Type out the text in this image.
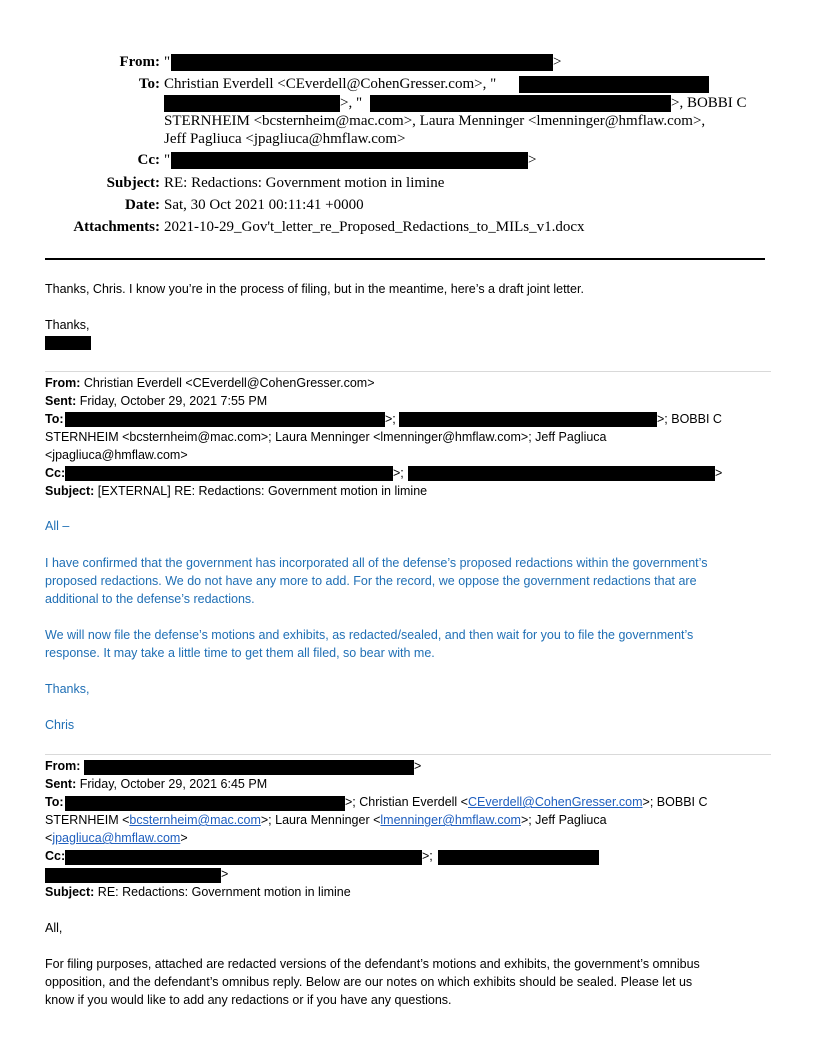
From: "	>
To: Christian Everdell <CEverdell@CohenGresser.com>, "
>, "	>, BOBBI C
STERNHEIM <bcsternheim@mac.com>, Laura Menninger <lmenninger@hmflaw.com>,
Jeff Pagliuca <jpagliuca@hmflaw.com>
Cc: "	>
Subject: RE: Redactions: Government motion in limine
Date: Sat, 30 Oct 2021 00:11:41 +0000
Attachments: 2021-10-29_Gov't_letter_re_Proposed_Redactions_to_MILs_v1.docx
Thanks, Chris. I know you’re in the process of filing, but in the meantime, here’s a draft joint letter.
Thanks,
From: Christian Everdell <CEverdell@CohenGresser.com>
Sent: Friday, October 29, 2021 7:55 PM
To:	>;	>; BOBBI C
STERNHEIM <bcsternheim@mac.com>; Laura Menninger <lmenninger@hmflaw.com>; Jeff Pagliuca
<jpagliuca@hmflaw.com>
Cc:	>;	>
Subject: [EXTERNAL] RE: Redactions: Government motion in limine
All –
I have confirmed that the government has incorporated all of the defense’s proposed redactions within the government’s
proposed redactions. We do not have any more to add. For the record, we oppose the government redactions that are
additional to the defense’s redactions.
We will now file the defense’s motions and exhibits, as redacted/sealed, and then wait for you to file the government’s
response. It may take a little time to get them all filed, so bear with me.
Thanks,
Chris
From:	>
Sent: Friday, October 29, 2021 6:45 PM
To:	>; Christian Everdell <CEverdell@CohenGresser.com>; BOBBI C
STERNHEIM <bcsternheim@mac.com>; Laura Menninger <lmenninger@hmflaw.com>; Jeff Pagliuca
<jpagliuca@hmflaw.com>
Cc:	>;
>
Subject: RE: Redactions: Government motion in limine
All,
For filing purposes, attached are redacted versions of the defendant’s motions and exhibits, the government’s omnibus
opposition, and the defendant’s omnibus reply. Below are our notes on which exhibits should be sealed. Please let us
know if you would like to add any redactions or if you have any questions.
